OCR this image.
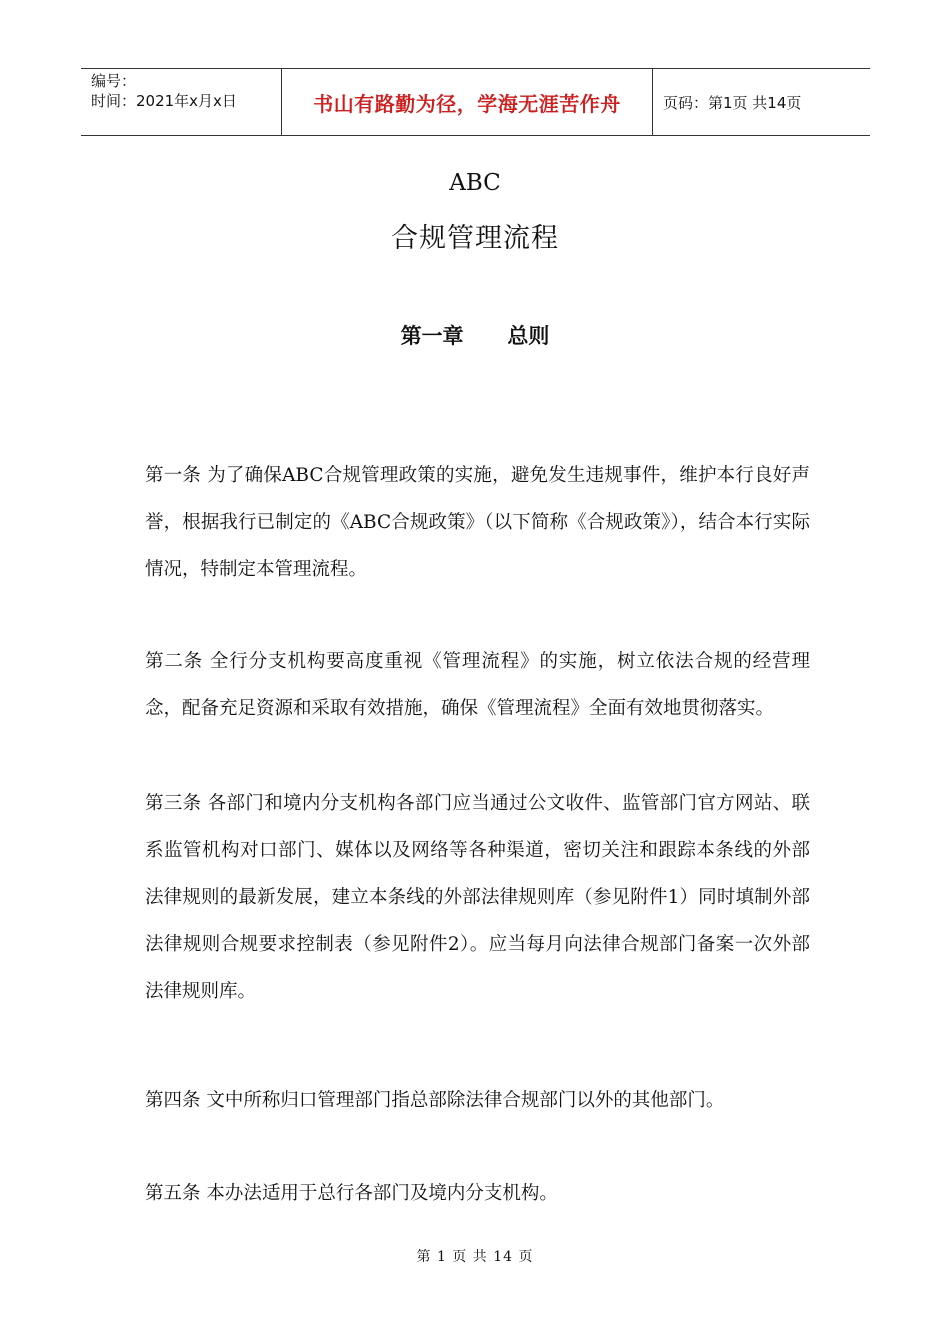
编号：
时间：2021年x月x日	书山有路勤为径，学海无涯苦作舟	页码：第1页 共14页
ABC
合规管理流程
第一章      总则

第一条 为了确保ABC合规管理政策的实施，避免发生违规事件，维护本行良好声誉，根据我行已制定的《ABC合规政策》（以下简称《合规政策》），结合本行实际情况，特制定本管理流程。

第二条 全行分支机构要高度重视《管理流程》的实施，树立依法合规的经营理念，配备充足资源和采取有效措施，确保《管理流程》全面有效地贯彻落实。

第三条 各部门和境内分支机构各部门应当通过公文收件、监管部门官方网站、联系监管机构对口部门、媒体以及网络等各种渠道，密切关注和跟踪本条线的外部法律规则的最新发展，建立本条线的外部法律规则库（参见附件1）同时填制外部法律规则合规要求控制表（参见附件2）。应当每月向法律合规部门备案一次外部法律规则库。

第四条 文中所称归口管理部门指总部除法律合规部门以外的其他部门。

第五条 本办法适用于总行各部门及境内分支机构。

第 1 页 共 14 页
